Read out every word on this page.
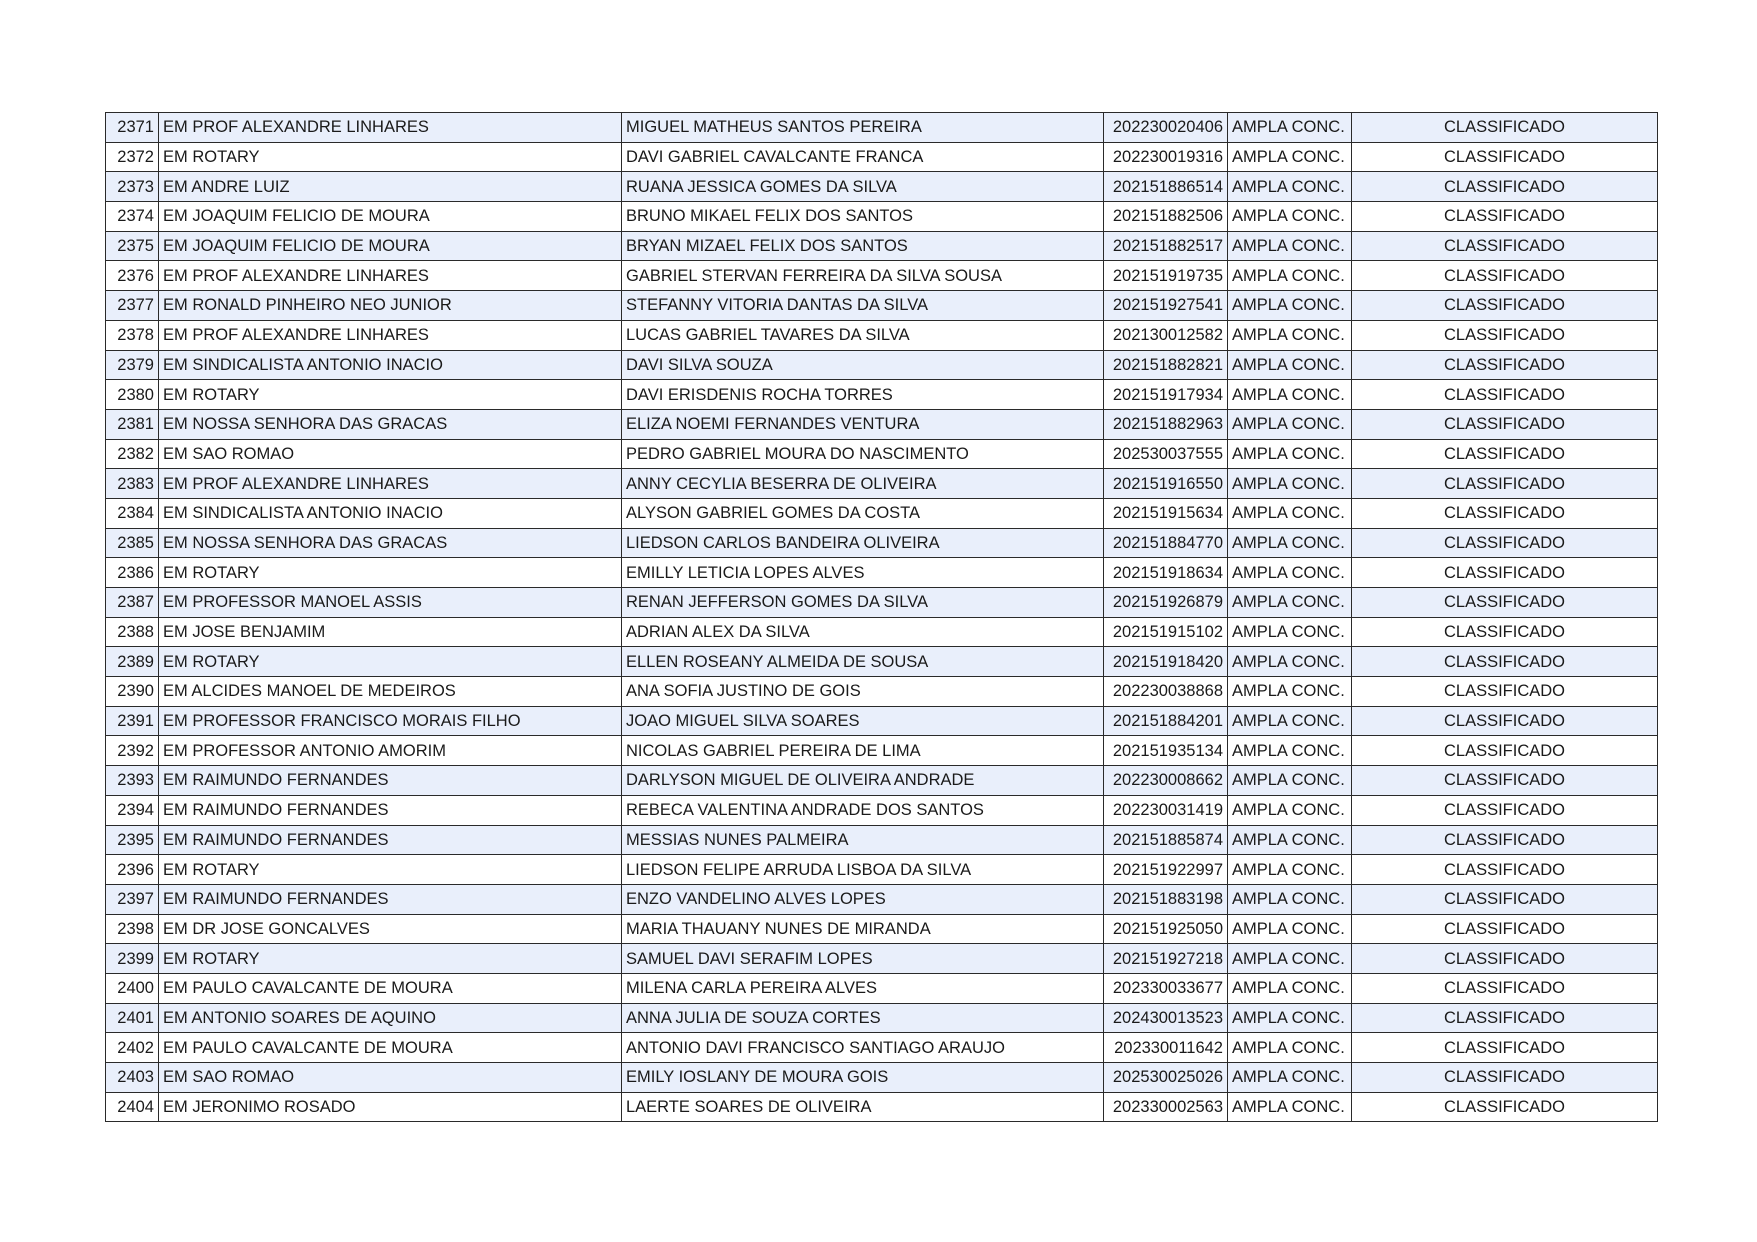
2371	EM PROF ALEXANDRE LINHARES	MIGUEL MATHEUS SANTOS PEREIRA	202230020406	AMPLA CONC.	CLASSIFICADO
2372	EM ROTARY	DAVI GABRIEL CAVALCANTE FRANCA	202230019316	AMPLA CONC.	CLASSIFICADO
2373	EM ANDRE LUIZ	RUANA JESSICA GOMES DA SILVA	202151886514	AMPLA CONC.	CLASSIFICADO
2374	EM JOAQUIM FELICIO DE MOURA	BRUNO MIKAEL FELIX DOS SANTOS	202151882506	AMPLA CONC.	CLASSIFICADO
2375	EM JOAQUIM FELICIO DE MOURA	BRYAN MIZAEL FELIX DOS SANTOS	202151882517	AMPLA CONC.	CLASSIFICADO
2376	EM PROF ALEXANDRE LINHARES	GABRIEL STERVAN FERREIRA DA SILVA SOUSA	202151919735	AMPLA CONC.	CLASSIFICADO
2377	EM RONALD PINHEIRO NEO JUNIOR	STEFANNY VITORIA DANTAS DA SILVA	202151927541	AMPLA CONC.	CLASSIFICADO
2378	EM PROF ALEXANDRE LINHARES	LUCAS GABRIEL TAVARES DA SILVA	202130012582	AMPLA CONC.	CLASSIFICADO
2379	EM SINDICALISTA ANTONIO INACIO	DAVI SILVA SOUZA	202151882821	AMPLA CONC.	CLASSIFICADO
2380	EM ROTARY	DAVI ERISDENIS ROCHA TORRES	202151917934	AMPLA CONC.	CLASSIFICADO
2381	EM NOSSA SENHORA DAS GRACAS	ELIZA NOEMI FERNANDES VENTURA	202151882963	AMPLA CONC.	CLASSIFICADO
2382	EM SAO ROMAO	PEDRO GABRIEL MOURA DO NASCIMENTO	202530037555	AMPLA CONC.	CLASSIFICADO
2383	EM PROF ALEXANDRE LINHARES	ANNY CECYLIA BESERRA DE OLIVEIRA	202151916550	AMPLA CONC.	CLASSIFICADO
2384	EM SINDICALISTA ANTONIO INACIO	ALYSON GABRIEL GOMES DA COSTA	202151915634	AMPLA CONC.	CLASSIFICADO
2385	EM NOSSA SENHORA DAS GRACAS	LIEDSON CARLOS BANDEIRA OLIVEIRA	202151884770	AMPLA CONC.	CLASSIFICADO
2386	EM ROTARY	EMILLY LETICIA LOPES ALVES	202151918634	AMPLA CONC.	CLASSIFICADO
2387	EM PROFESSOR MANOEL ASSIS	RENAN JEFFERSON GOMES DA SILVA	202151926879	AMPLA CONC.	CLASSIFICADO
2388	EM JOSE BENJAMIM	ADRIAN ALEX DA SILVA	202151915102	AMPLA CONC.	CLASSIFICADO
2389	EM ROTARY	ELLEN ROSEANY ALMEIDA DE SOUSA	202151918420	AMPLA CONC.	CLASSIFICADO
2390	EM ALCIDES MANOEL DE MEDEIROS	ANA SOFIA JUSTINO DE GOIS	202230038868	AMPLA CONC.	CLASSIFICADO
2391	EM PROFESSOR FRANCISCO MORAIS FILHO	JOAO MIGUEL SILVA SOARES	202151884201	AMPLA CONC.	CLASSIFICADO
2392	EM PROFESSOR ANTONIO AMORIM	NICOLAS GABRIEL PEREIRA DE LIMA	202151935134	AMPLA CONC.	CLASSIFICADO
2393	EM RAIMUNDO FERNANDES	DARLYSON MIGUEL DE OLIVEIRA ANDRADE	202230008662	AMPLA CONC.	CLASSIFICADO
2394	EM RAIMUNDO FERNANDES	REBECA VALENTINA ANDRADE DOS SANTOS	202230031419	AMPLA CONC.	CLASSIFICADO
2395	EM RAIMUNDO FERNANDES	MESSIAS NUNES PALMEIRA	202151885874	AMPLA CONC.	CLASSIFICADO
2396	EM ROTARY	LIEDSON FELIPE ARRUDA LISBOA DA SILVA	202151922997	AMPLA CONC.	CLASSIFICADO
2397	EM RAIMUNDO FERNANDES	ENZO VANDELINO ALVES LOPES	202151883198	AMPLA CONC.	CLASSIFICADO
2398	EM DR JOSE GONCALVES	MARIA THAUANY NUNES DE MIRANDA	202151925050	AMPLA CONC.	CLASSIFICADO
2399	EM ROTARY	SAMUEL DAVI SERAFIM LOPES	202151927218	AMPLA CONC.	CLASSIFICADO
2400	EM PAULO CAVALCANTE DE MOURA	MILENA CARLA PEREIRA ALVES	202330033677	AMPLA CONC.	CLASSIFICADO
2401	EM ANTONIO SOARES DE AQUINO	ANNA JULIA DE SOUZA CORTES	202430013523	AMPLA CONC.	CLASSIFICADO
2402	EM PAULO CAVALCANTE DE MOURA	ANTONIO DAVI FRANCISCO SANTIAGO ARAUJO	202330011642	AMPLA CONC.	CLASSIFICADO
2403	EM SAO ROMAO	EMILY IOSLANY DE MOURA GOIS	202530025026	AMPLA CONC.	CLASSIFICADO
2404	EM JERONIMO ROSADO	LAERTE SOARES DE OLIVEIRA	202330002563	AMPLA CONC.	CLASSIFICADO
